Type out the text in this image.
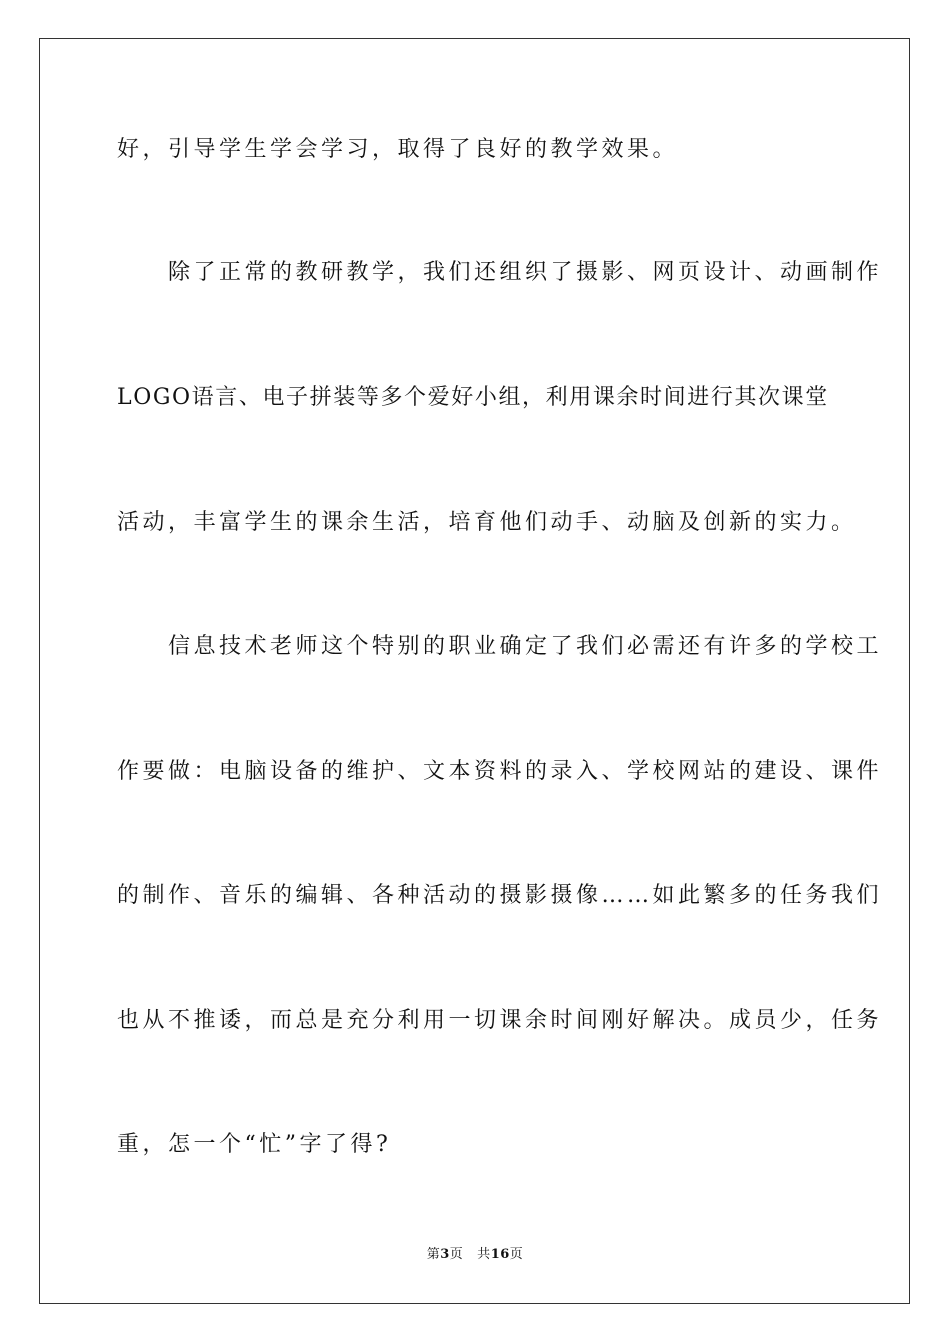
好，引导学生学会学习，取得了良好的教学效果。
　　除了正常的教研教学，我们还组织了摄影、网页设计、动画制作
LOGO语言、电子拼装等多个爱好小组，利用课余时间进行其次课堂
活动，丰富学生的课余生活，培育他们动手、动脑及创新的实力。
　　信息技术老师这个特别的职业确定了我们必需还有许多的学校工
作要做：电脑设备的维护、文本资料的录入、学校网站的建设、课件
的制作、音乐的编辑、各种活动的摄影摄像……如此繁多的任务我们
也从不推诿，而总是充分利用一切课余时间刚好解决。成员少，任务
重，怎一个“忙”字了得?
第3页 共16页
